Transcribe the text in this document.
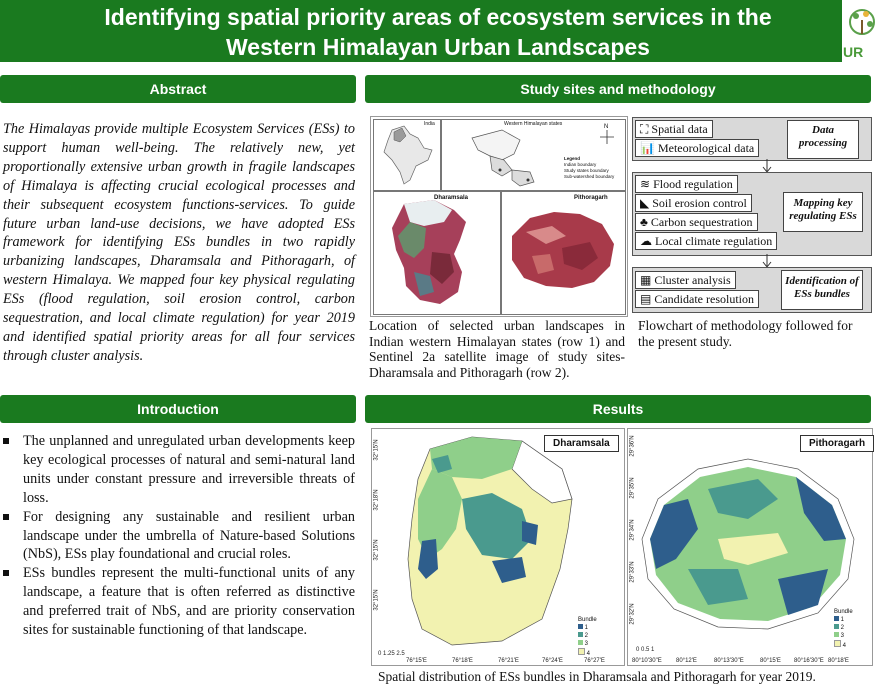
Identifying spatial priority areas of ecosystem services in the
Western Himalayan Urban Landscapes	UR
Abstract	Study sites and methodology
Introduction	Results
The Himalayas provide multiple Ecosystem Services (ESs) to support human well-being. The relatively new, yet proportionally extensive urban growth in fragile landscapes of Himalaya is affecting crucial ecological processes and their subsequent ecosystem functions-services. To guide future urban land-use decisions, we have adopted ESs framework for identifying ESs bundles in two rapidly urbanizing landscapes, Dharamsala and Pithoragarh, of western Himalaya. We mapped four key physical regulating ESs (flood regulation, soil erosion control, carbon sequestration, and local climate regulation) for year 2019 and identified spatial priority areas for all four services through cluster analysis.
The unplanned and unregulated urban developments keep key ecological processes of natural and semi-natural land units under constant pressure and irreversible threats of loss.
For designing any sustainable and resilient urban landscape under the umbrella of Nature-based Solutions (NbS), ESs play foundational and crucial roles.
ESs bundles represent the multi-functional units of any landscape, a feature that is often referred as distinctive and preferred trait of NbS, and are priority conservation sites for sustainable functioning of that landscape.
India	Western Himalayan states	N
Legend
Indian boundary
Study states boundary
Sub-watershed boundary
Dharamsala	Pithoragarh
Location of selected urban landscapes in Indian western Himalayan states (row 1) and Sentinel 2a satellite image of study sites- Dharamsala and Pithoragarh (row 2).
⛶ Spatial data
📊 Meteorological data
Data processing
≋ Flood regulation
◣ Soil erosion control
♣ Carbon sequestration
☁ Local climate regulation
Mapping key regulating ESs
▦ Cluster analysis
▤ Candidate resolution
Identification of ESs bundles
Flowchart of methodology followed for the present study.
Dharamsala
Bundle
1
2
3
4
0 1.25 2.5
76°15'E	76°18'E	76°21'E	76°24'E	76°27'E
32°15'N
32°18'N
32°15'N
32°15'N
Pithoragarh
Bundle
1
2
3
4
0 0.5 1
80°10'30"E 80°12'E	80°13'30"E	80°15'E 80°16'30"E 80°18'E
29°36'N
29°35'N
29°34'N
29°33'N
29°32'N
Spatial distribution of ESs bundles in Dharamsala and Pithoragarh for year 2019.
